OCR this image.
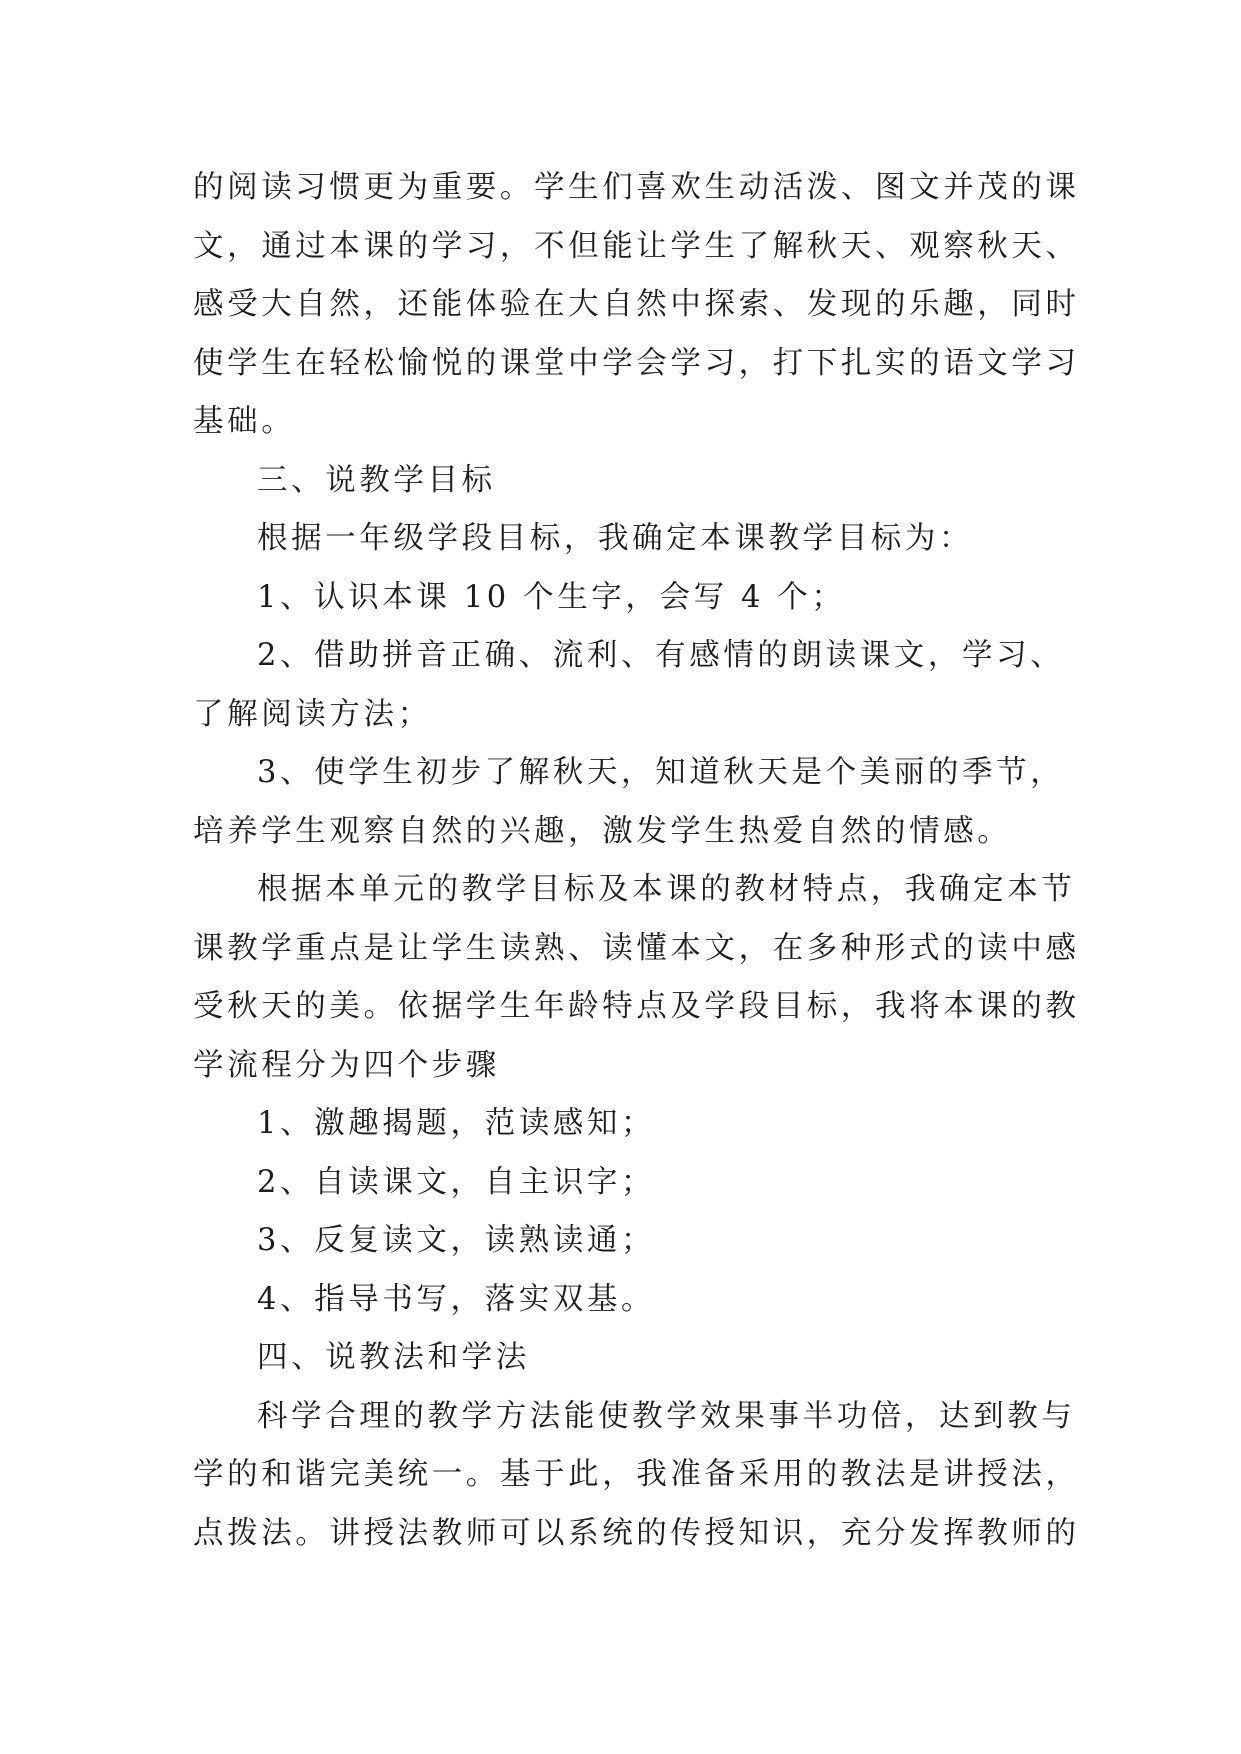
的阅读习惯更为重要。学生们喜欢生动活泼、图文并茂的课
文，通过本课的学习，不但能让学生了解秋天、观察秋天、
感受大自然，还能体验在大自然中探索、发现的乐趣，同时
使学生在轻松愉悦的课堂中学会学习，打下扎实的语文学习
基础。
三、说教学目标
根据一年级学段目标，我确定本课教学目标为：
1、认识本课 10 个生字，会写 4 个；
2、借助拼音正确、流利、有感情的朗读课文，学习、
了解阅读方法；
3、使学生初步了解秋天，知道秋天是个美丽的季节，
培养学生观察自然的兴趣，激发学生热爱自然的情感。
根据本单元的教学目标及本课的教材特点，我确定本节
课教学重点是让学生读熟、读懂本文，在多种形式的读中感
受秋天的美。依据学生年龄特点及学段目标，我将本课的教
学流程分为四个步骤
1、激趣揭题，范读感知；
2、自读课文，自主识字；
3、反复读文，读熟读通；
4、指导书写，落实双基。
四、说教法和学法
科学合理的教学方法能使教学效果事半功倍，达到教与
学的和谐完美统一。基于此，我准备采用的教法是讲授法，
点拨法。讲授法教师可以系统的传授知识，充分发挥教师的
